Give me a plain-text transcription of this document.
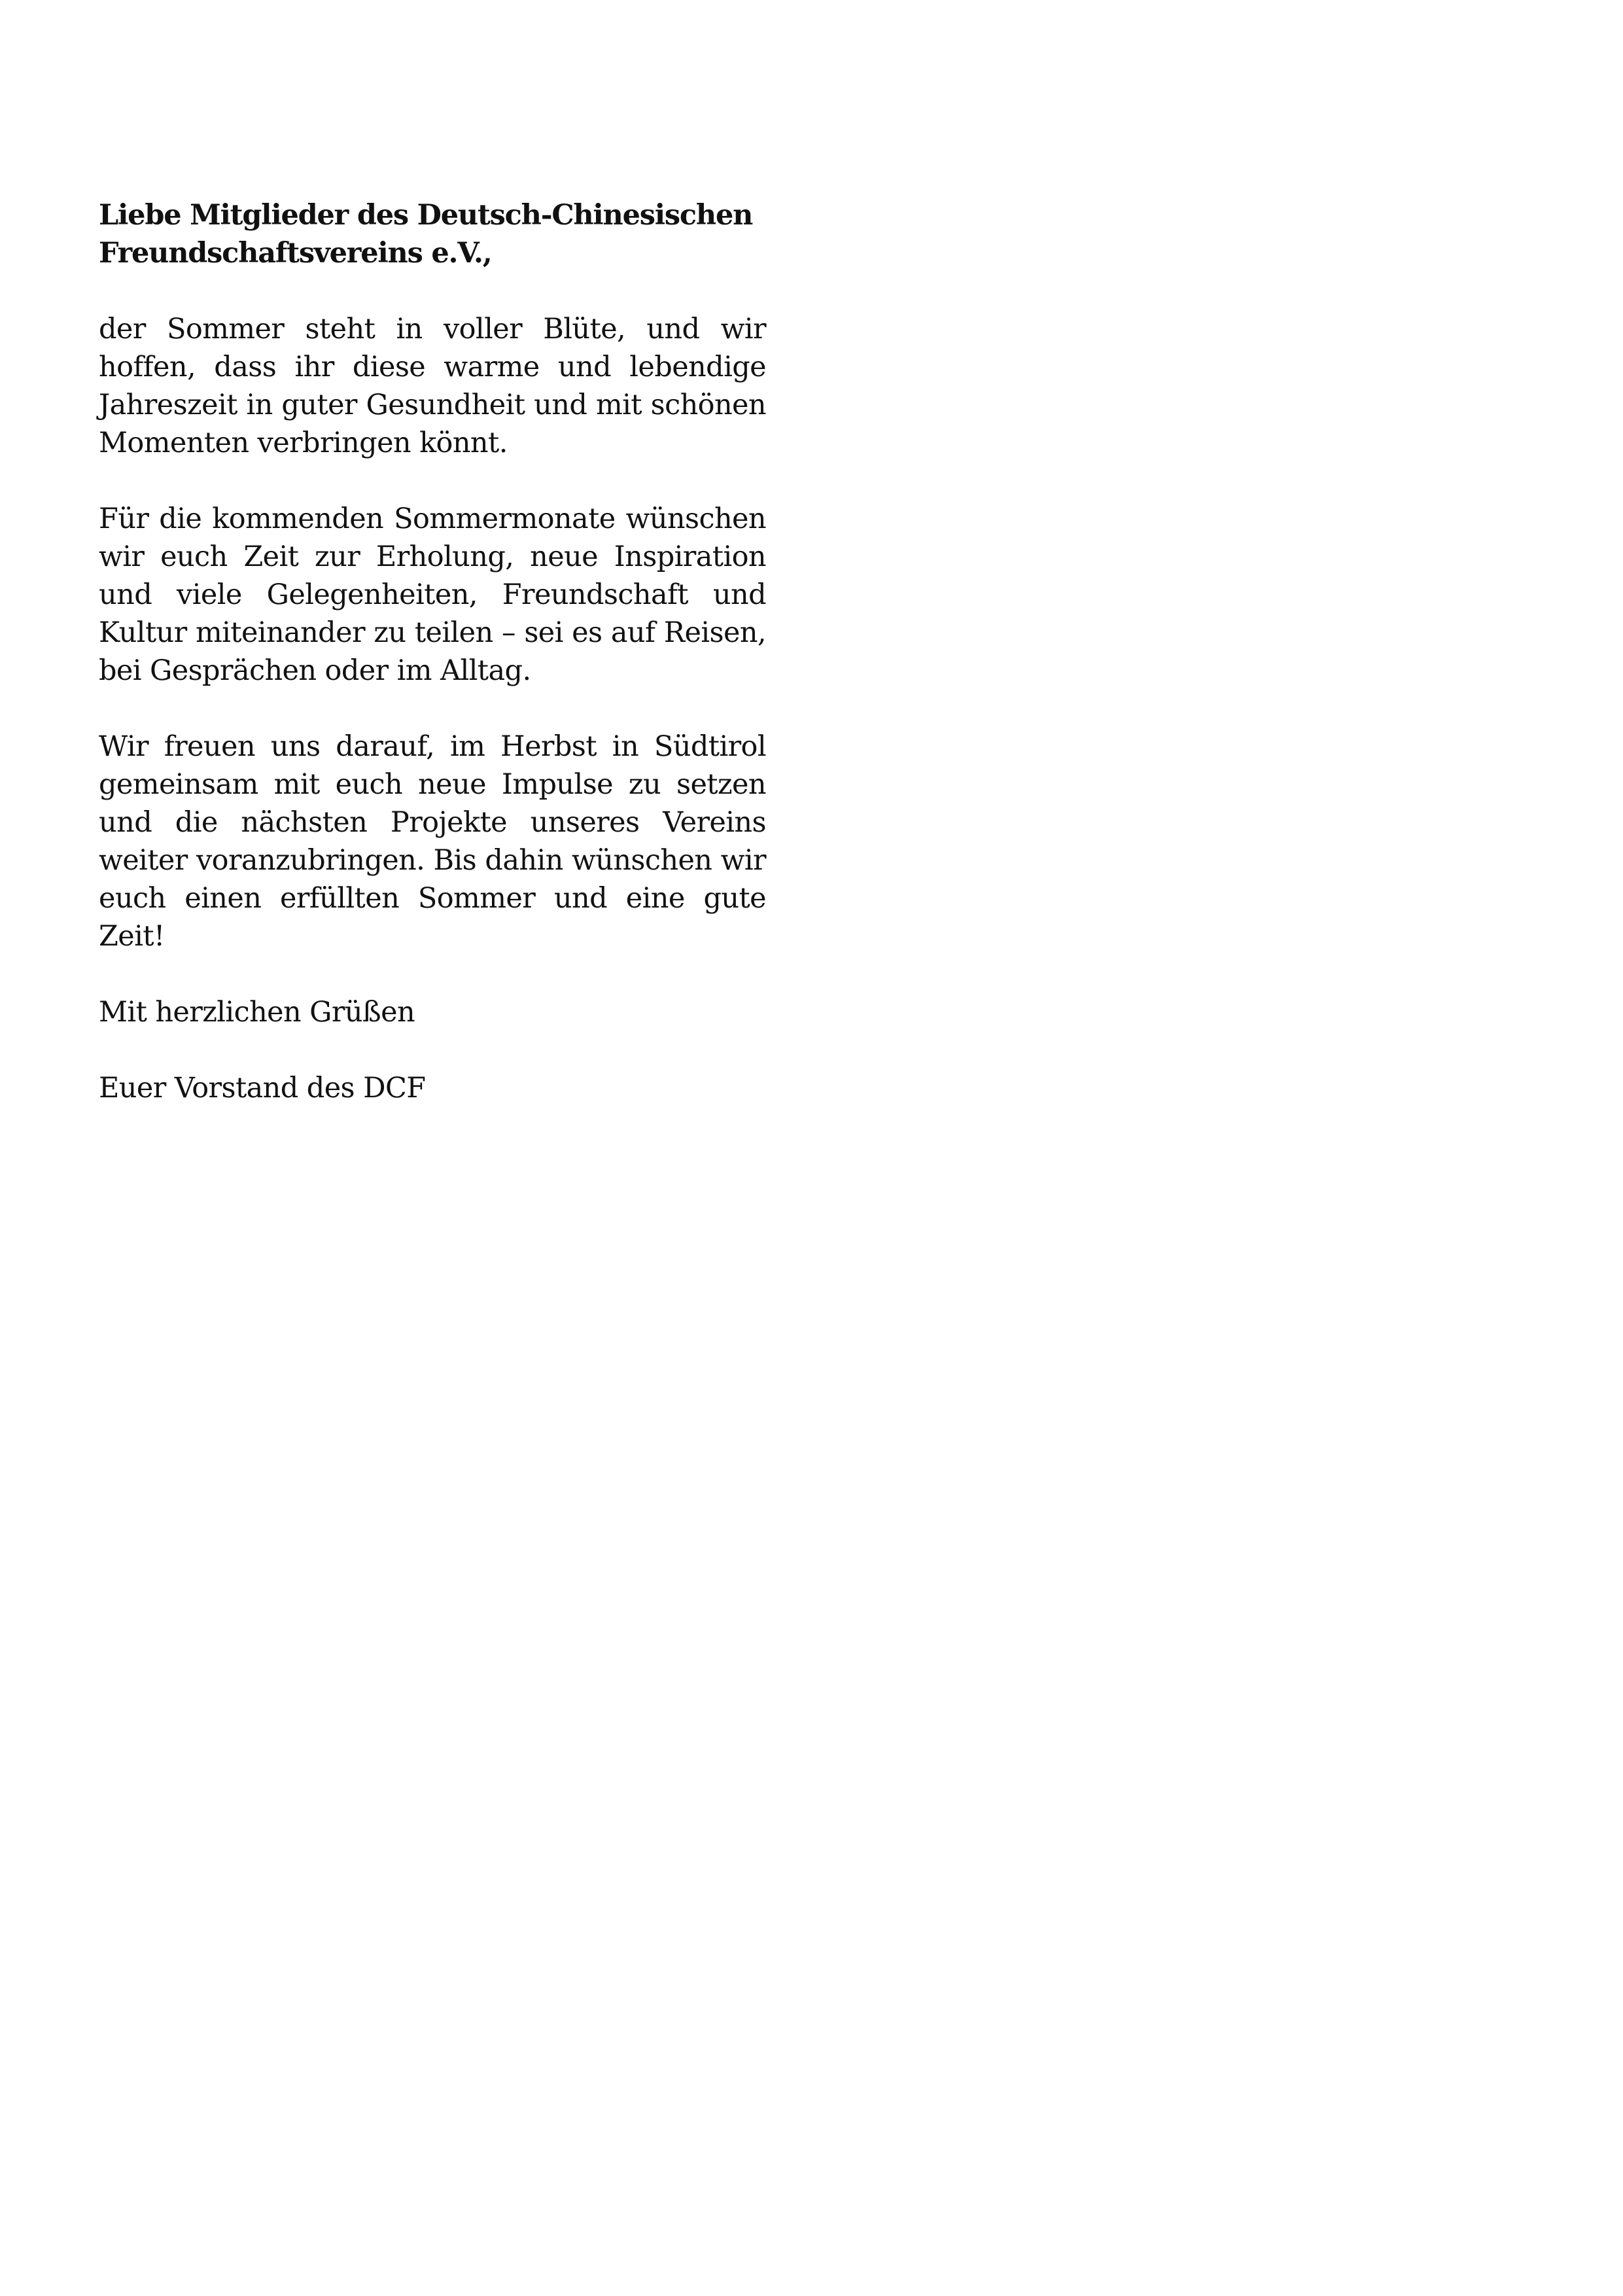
Liebe Mitglieder des Deutsch-Chinesischen
Freundschaftsvereins e.V.,

der Sommer steht in voller Blüte, und wir hoffen, dass ihr diese warme und lebendige Jahreszeit in guter Gesundheit und mit schönen Momenten verbringen könnt.

Für die kommenden Sommermonate wünschen wir euch Zeit zur Erholung, neue Inspiration und viele Gelegenheiten, Freundschaft und Kultur miteinander zu teilen – sei es auf Reisen, bei Gesprächen oder im Alltag.

Wir freuen uns darauf, im Herbst in Südtirol gemeinsam mit euch neue Impulse zu setzen und die nächsten Projekte unseres Vereins weiter voranzubringen. Bis dahin wünschen wir euch einen erfüllten Sommer und eine gute Zeit!

Mit herzlichen Grüßen

Euer Vorstand des DCF
